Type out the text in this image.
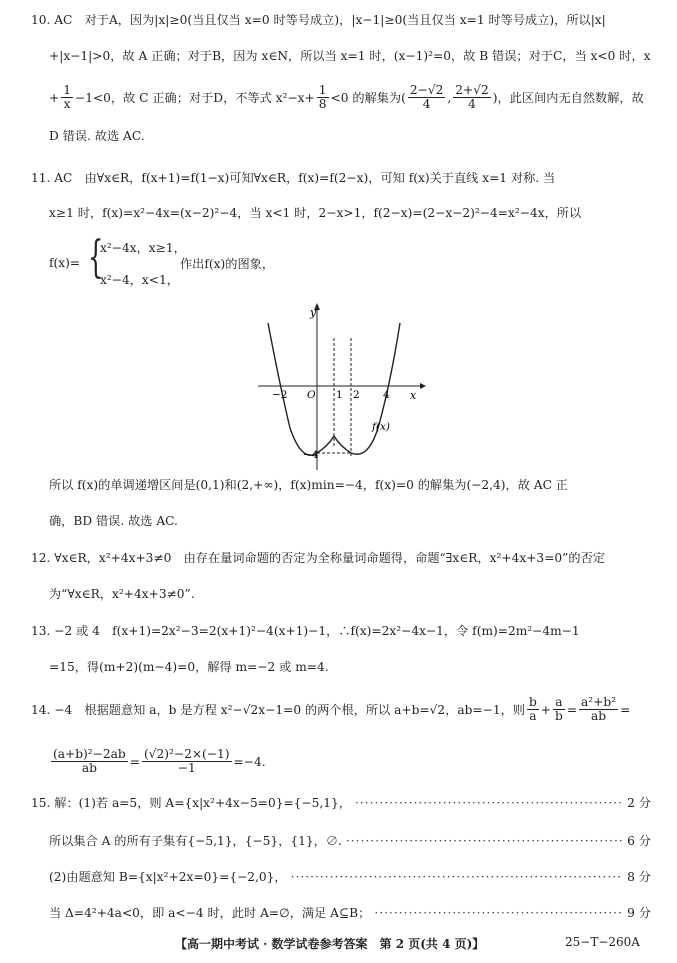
10. AC　对于A，因为|x|≥0(当且仅当 x=0 时等号成立)，|x−1|≥0(当且仅当 x=1 时等号成立)，所以|x|
+|x−1|>0，故 A 正确；对于B，因为 x∈N，所以当 x=1 时，(x−1)²=0，故 B 错误；对于C，当 x<0 时，x
+ $\frac{1}{x} -1<0$，故 C 正确；对于D，不等式 $x^2-x+ \frac{1}{8} <0$ 的解集为( $\frac{2-√2}{4}$ , $\frac{2+√2}{4}$ )，此区间内无自然数解，故
D 错误. 故选 AC.
11. AC　由∀x∈R，f(x+1)=f(1−x)可知∀x∈R，f(x)=f(2−x)，可知 f(x)关于直线 x=1 对称. 当
x≥1 时，f(x)=x²−4x=(x−2)²−4，当 x<1 时，2−x>1，f(2−x)=(2−x−2)²−4=x²−4x，所以
f(x)= {
x²−4x，x≥1，
x²−4，x<1，
作出f(x)的图象，
y
x
O
−2	1 2 4
−4
f(x)
所以 f(x)的单调递增区间是(0,1)和(2,+∞)，f(x)min=−4，f(x)=0 的解集为(−2,4)，故 AC 正
确，BD 错误. 故选 AC.
12. ∀x∈R，x²+4x+3≠0　由存在量词命题的否定为全称量词命题得，命题“∃x∈R，x²+4x+3=0”的否定
为“∀x∈R，x²+4x+3≠0”.
13. −2 或 4　f(x+1)=2x²−3=2(x+1)²−4(x+1)−1，∴f(x)=2x²−4x−1，令 f(m)=2m²−4m−1
=15，得(m+2)(m−4)=0，解得 m=−2 或 m=4.
14. −4　根据题意知 a，b 是方程 x²−√2x−1=0 的两个根，所以 a+b=√2，ab=−1，则 $\frac{b}{a} + \frac{a}{b} = \frac{\text{a²+b²}}{ab}$ =
$\frac{\text{(a+b)²−2ab}}{ab} = \frac{\text{(√2)²−2×(−1)}}{-1} =-4$.
15. 解：(1)若 a=5，则 A={x|x²+4x−5=0}={−5,1}， ·····	2 分
所以集合 A 的所有子集有{−5,1}，{−5}，{1}，∅. ·····	6 分
(2)由题意知 B={x|x²+2x=0}={−2,0}， ·····	8 分
当 Δ=4²+4a<0，即 a<−4 时，此时 A=∅，满足 A⊆B； ·····	9 分
【高一期中考试 · 数学试卷参考答案　第 2 页(共 4 页)】	25−T−260A
